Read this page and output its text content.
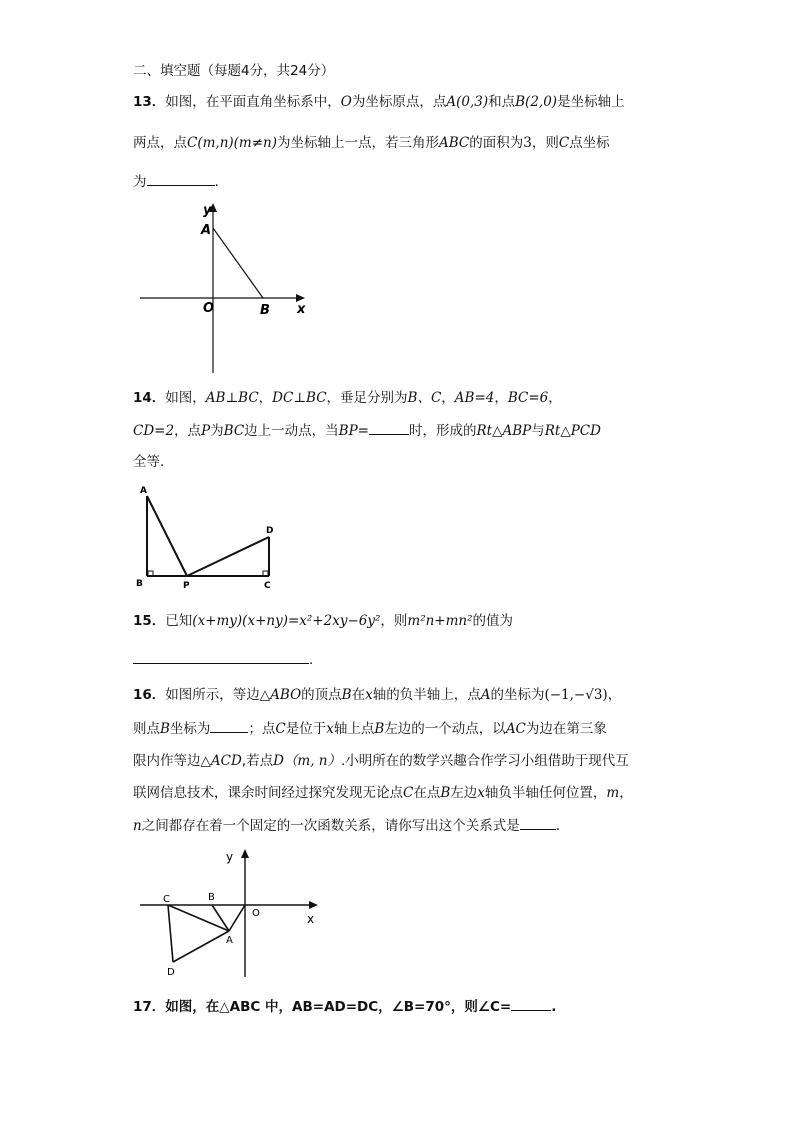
二、填空题（每题4分，共24分）
13．如图，在平面直角坐标系中，O为坐标原点，点A(0,3)和点B(2,0)是坐标轴上
两点，点C(m,n)(m≠n)为坐标轴上一点，若三角形ABC的面积为3，则C点坐标
为	.
y
A
O	B x
14．如图，AB⊥BC，DC⊥BC，垂足分别为B、C，AB=4，BC=6，
CD=2，点P为BC边上一动点，当BP=	时，形成的Rt△ABP与Rt△PCD
全等.
A
D
B	P	C
15．已知(x+my)(x+ny)=x²+2xy−6y²，则m²n+mn²的值为
.
16．如图所示，等边△ABO的顶点B在x轴的负半轴上，点A的坐标为(−1,−√3)，
则点B坐标为	；点C是位于x轴上点B左边的一个动点，以AC为边在第三象
限内作等边△ACD,若点D（m, n）.小明所在的数学兴趣合作学习小组借助于现代互
联网信息技术，课余时间经过探究发现无论点C在点B左边x轴负半轴任何位置，m，
n之间都存在着一个固定的一次函数关系，请你写出这个关系式是	.
y
C	B
O	x
A
D
17．如图，在△ABC 中，AB=AD=DC，∠B=70°，则∠C=	.
